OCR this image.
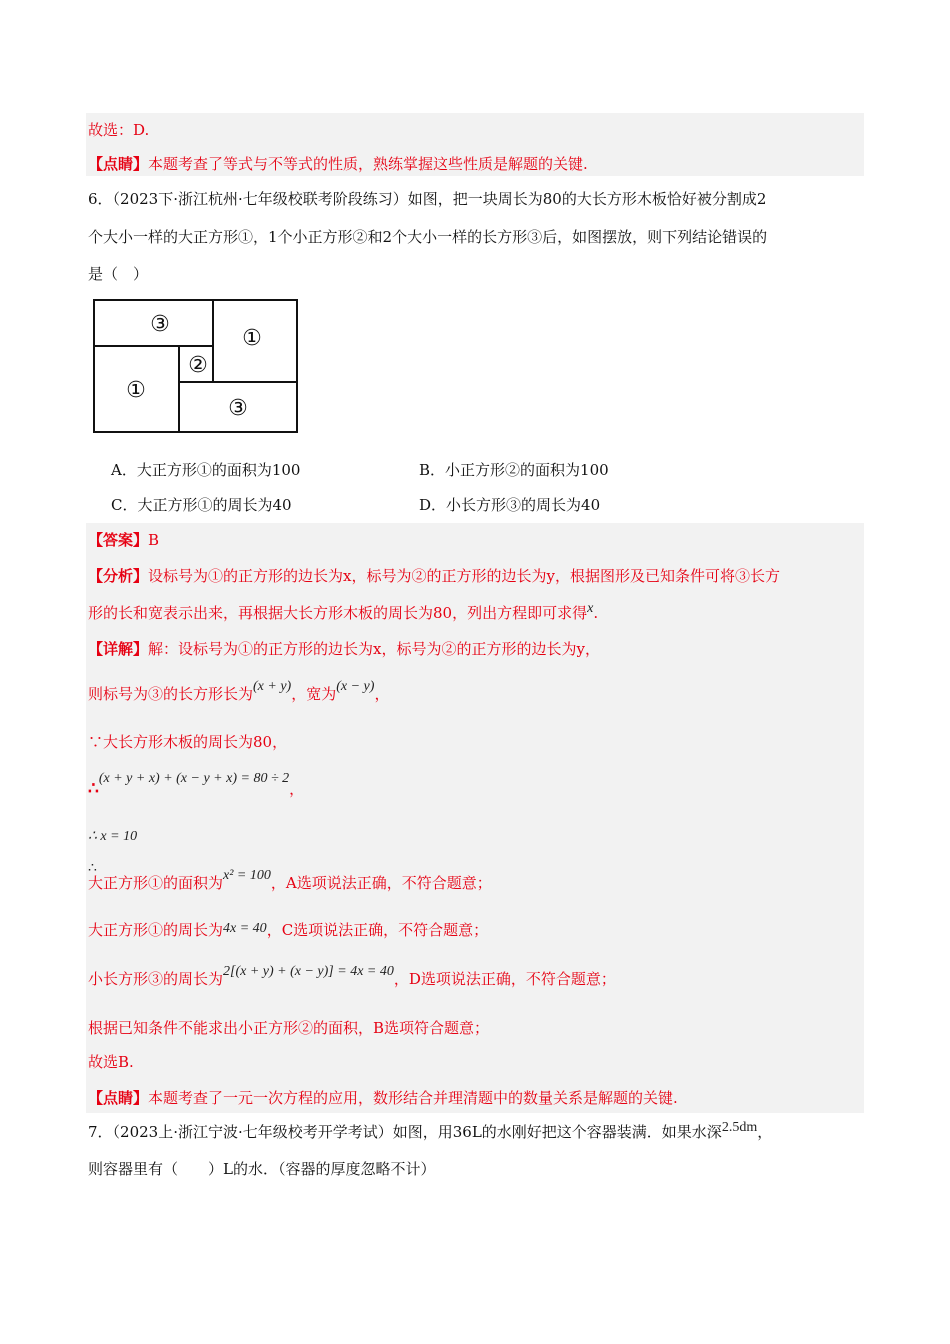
故选：D.
【点睛】本题考查了等式与不等式的性质，熟练掌握这些性质是解题的关键.
6．（2023下·浙江杭州·七年级校联考阶段练习）如图，把一块周长为80的大长方形木板恰好被分割成2
个大小一样的大正方形①，1个小正方形②和2个大小一样的长方形③后，如图摆放，则下列结论错误的
是（　）
③
①
②
①
③
A．大正方形①的面积为100	B．小正方形②的面积为100
C．大正方形①的周长为40	D．小长方形③的周长为40
【答案】B
【分析】设标号为①的正方形的边长为x，标号为②的正方形的边长为y，根据图形及已知条件可将③长方
形的长和宽表示出来，再根据大长方形木板的周长为80，列出方程即可求得x.
【详解】解：设标号为①的正方形的边长为x，标号为②的正方形的边长为y，
则标号为③的长方形长为(x + y)，宽为(x − y)，
∵大长方形木板的周长为80，
∴(x + y + x) + (x − y + x) = 80 ÷ 2，
∴ x = 10
∴
大正方形①的面积为x² = 100，A选项说法正确，不符合题意；
大正方形①的周长为4x = 40，C选项说法正确，不符合题意；
小长方形③的周长为2[(x + y) + (x − y)] = 4x = 40，D选项说法正确，不符合题意；
根据已知条件不能求出小正方形②的面积，B选项符合题意；
故选B.
【点睛】本题考查了一元一次方程的应用，数形结合并理清题中的数量关系是解题的关键.
7．（2023上·浙江宁波·七年级校考开学考试）如图，用36L的水刚好把这个容器装满．如果水深2.5dm，
则容器里有（　　）L的水．（容器的厚度忽略不计）
